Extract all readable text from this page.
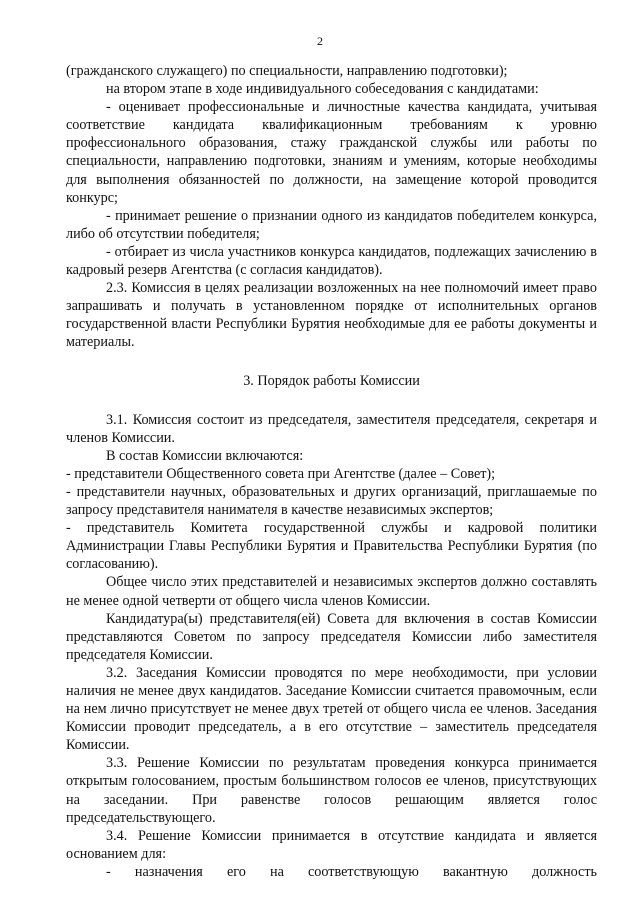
2

(гражданского служащего) по специальности, направлению подготовки);

на втором этапе в ходе индивидуального собеседования с кандидатами:

- оценивает профессиональные и личностные качества кандидата, учитывая соответствие кандидата квалификационным требованиям к уровню профессионального образования, стажу гражданской службы или работы по специальности, направлению подготовки, знаниям и умениям, которые необходимы для выполнения обязанностей по должности, на замещение которой проводится конкурс;

- принимает решение о признании одного из кандидатов победителем конкурса, либо об отсутствии победителя;

- отбирает из числа участников конкурса кандидатов, подлежащих зачислению в кадровый резерв Агентства (с согласия кандидатов).

2.3. Комиссия в целях реализации возложенных на нее полномочий имеет право запрашивать и получать в установленном порядке от исполнительных органов государственной власти Республики Бурятия необходимые для ее работы документы и материалы.

3. Порядок работы Комиссии

3.1. Комиссия состоит из председателя, заместителя председателя, секретаря и членов Комиссии.

В состав Комиссии включаются:

- представители Общественного совета при Агентстве (далее – Совет);

- представители научных, образовательных и других организаций, приглашаемые по запросу представителя нанимателя в качестве независимых экспертов;

- представитель Комитета государственной службы и кадровой политики Администрации Главы Республики Бурятия и Правительства Республики Бурятия (по согласованию).

Общее число этих представителей и независимых экспертов должно составлять не менее одной четверти от общего числа членов Комиссии.

Кандидатура(ы) представителя(ей) Совета для включения в состав Комиссии представляются Советом по запросу председателя Комиссии либо заместителя председателя Комиссии.

3.2. Заседания Комиссии проводятся по мере необходимости, при условии наличия не менее двух кандидатов. Заседание Комиссии считается правомочным, если на нем лично присутствует не менее двух третей от общего числа ее членов. Заседания Комиссии проводит председатель, а в его отсутствие – заместитель председателя Комиссии.

3.3. Решение Комиссии по результатам проведения конкурса принимается открытым голосованием, простым большинством голосов ее членов, присутствующих на заседании. При равенстве голосов решающим является голос председательствующего.

3.4. Решение Комиссии принимается в отсутствие кандидата и является основанием для:

- назначения его на соответствующую вакантную должность
